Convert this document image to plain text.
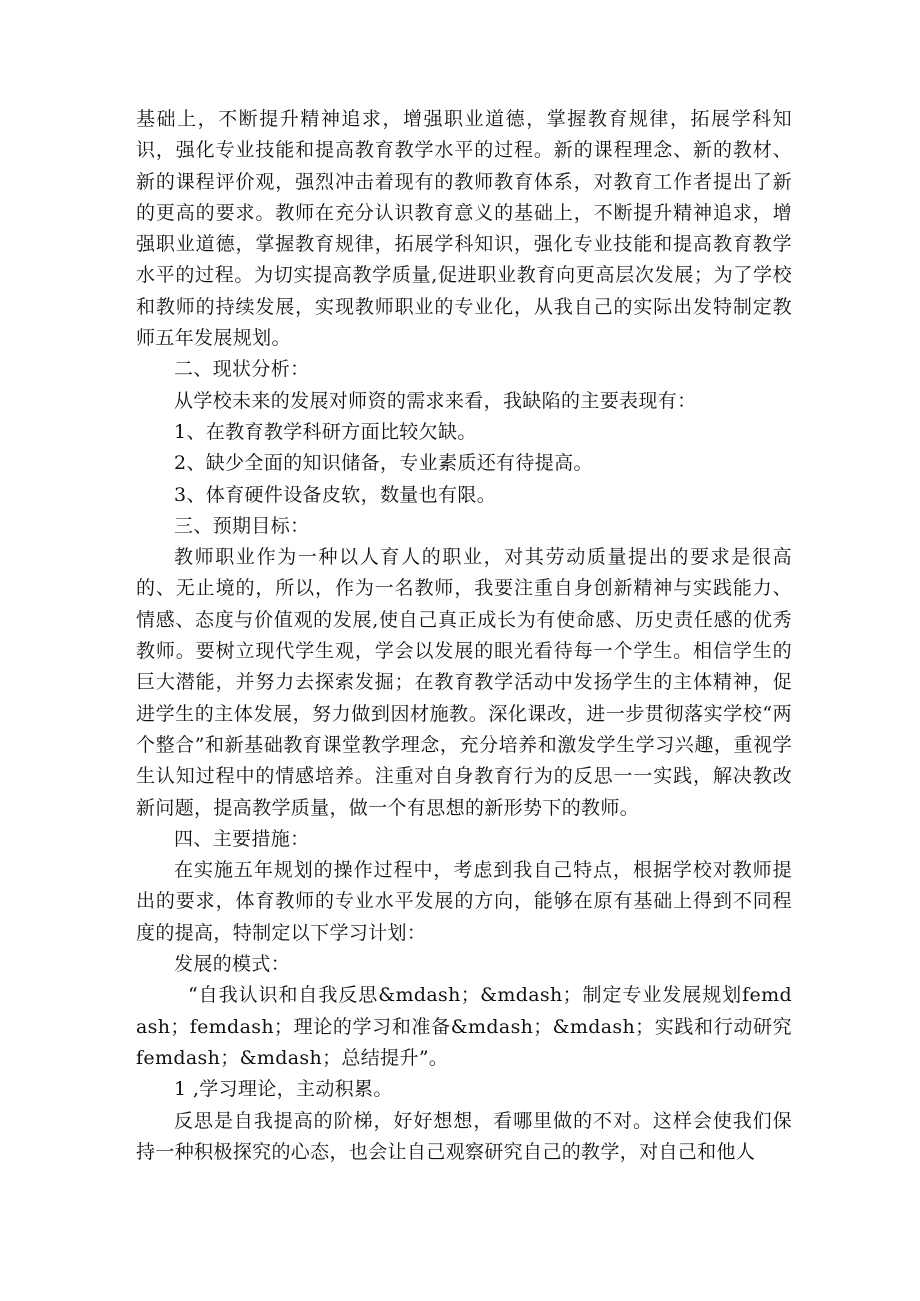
基础上，不断提升精神追求，增强职业道德，掌握教育规律，拓展学科知识，强化专业技能和提高教育教学水平的过程。新的课程理念、新的教材、新的课程评价观，强烈冲击着现有的教师教育体系，对教育工作者提出了新的更高的要求。教师在充分认识教育意义的基础上，不断提升精神追求，增强职业道德，掌握教育规律，拓展学科知识，强化专业技能和提高教育教学水平的过程。为切实提高教学质量,促进职业教育向更高层次发展；为了学校和教师的持续发展，实现教师职业的专业化，从我自己的实际出发特制定教师五年发展规划。

二、现状分析：

从学校未来的发展对师资的需求来看，我缺陷的主要表现有：

1、在教育教学科研方面比较欠缺。

2、缺少全面的知识储备，专业素质还有待提高。

3、体育硬件设备皮软，数量也有限。

三、预期目标：

教师职业作为一种以人育人的职业，对其劳动质量提出的要求是很高的、无止境的，所以，作为一名教师，我要注重自身创新精神与实践能力、情感、态度与价值观的发展,使自己真正成长为有使命感、历史责任感的优秀教师。要树立现代学生观，学会以发展的眼光看待每一个学生。相信学生的巨大潜能，并努力去探索发掘；在教育教学活动中发扬学生的主体精神，促进学生的主体发展，努力做到因材施教。深化课改，进一步贯彻落实学校“两个整合”和新基础教育课堂教学理念，充分培养和激发学生学习兴趣，重视学生认知过程中的情感培养。注重对自身教育行为的反思一一实践，解决教改新问题，提高教学质量，做一个有思想的新形势下的教师。

四、主要措施：

在实施五年规划的操作过程中，考虑到我自己特点，根据学校对教师提出的要求，体育教师的专业水平发展的方向，能够在原有基础上得到不同程度的提高，特制定以下学习计划：

发展的模式：

“自我认识和自我反思&mdash；&mdash；制定专业发展规划femdash；femdash；理论的学习和准备&mdash；&mdash；实践和行动研究femdash；&mdash；总结提升”。

1 ,学习理论，主动积累。

反思是自我提高的阶梯，好好想想，看哪里做的不对。这样会使我们保持一种积极探究的心态，也会让自己观察研究自己的教学，对自己和他人
